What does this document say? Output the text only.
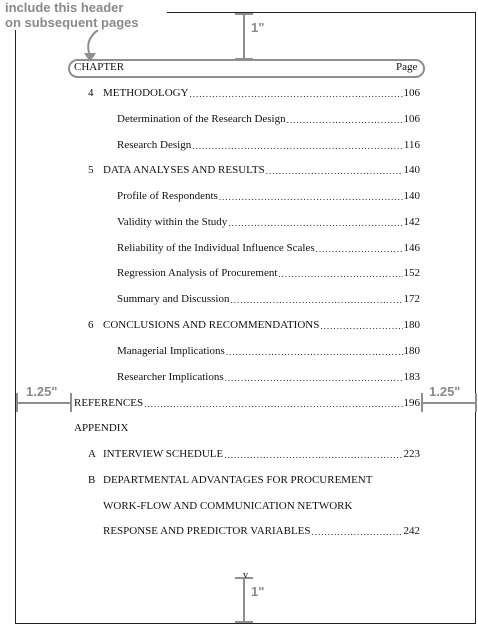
include this header
on subsequent pages	1"
1"
1.25"	1.25"
CHAPTER	Page
4 METHODOLOGY .....	106
Determination of the Research Design .....	106
Research Design .....	116
5 DATA ANALYSES AND RESULTS .....	140
Profile of Respondents .....	140
Validity within the Study .....	142
Reliability of the Individual Influence Scales .....	146
Regression Analysis of Procurement .....	152
Summary and Discussion .....	172
6 CONCLUSIONS AND RECOMMENDATIONS .....	180
Managerial Implications .....	180
Researcher Implications .....	183
REFERENCES .....	196
APPENDIX
A INTERVIEW SCHEDULE .....	223
B DEPARTMENTAL ADVANTAGES FOR PROCUREMENT
WORK-FLOW AND COMMUNICATION NETWORK
RESPONSE AND PREDICTOR VARIABLES .....	242
v
